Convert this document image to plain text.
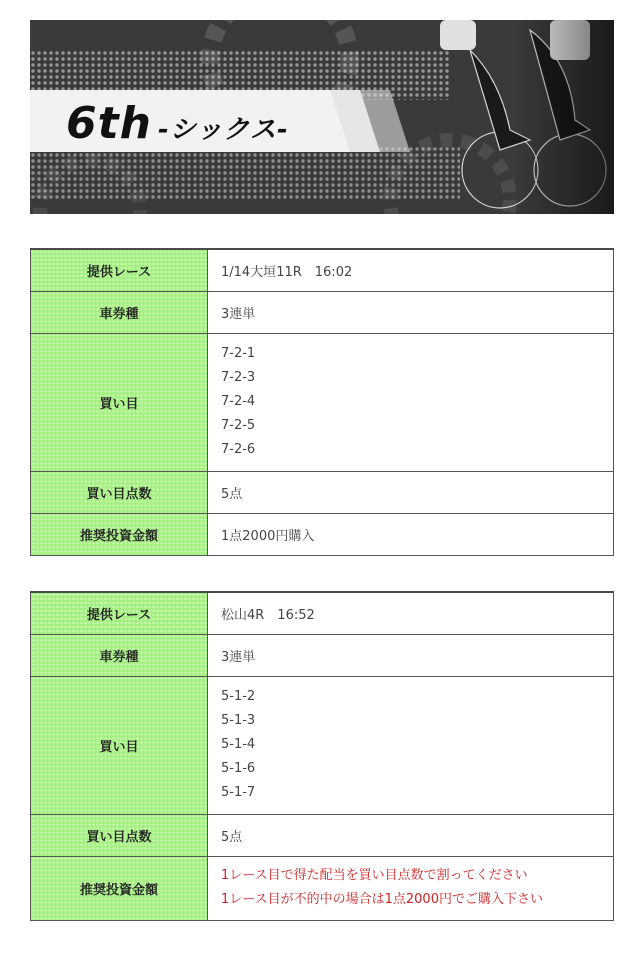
6th -シックス-
提供レース	1/14大垣11R　16:02
車券種	3連単
買い目	7-2-1
7-2-3
7-2-4
7-2-5
7-2-6

買い目点数	5点
推奨投資金額	1点2000円購入
提供レース	松山4R　16:52
車券種	3連単
買い目	5-1-2
5-1-3
5-1-4
5-1-6
5-1-7

買い目点数	5点
推奨投資金額	1レース目で得た配当を買い目点数で割ってください
1レース目が不的中の場合は1点2000円でご購入下さい
